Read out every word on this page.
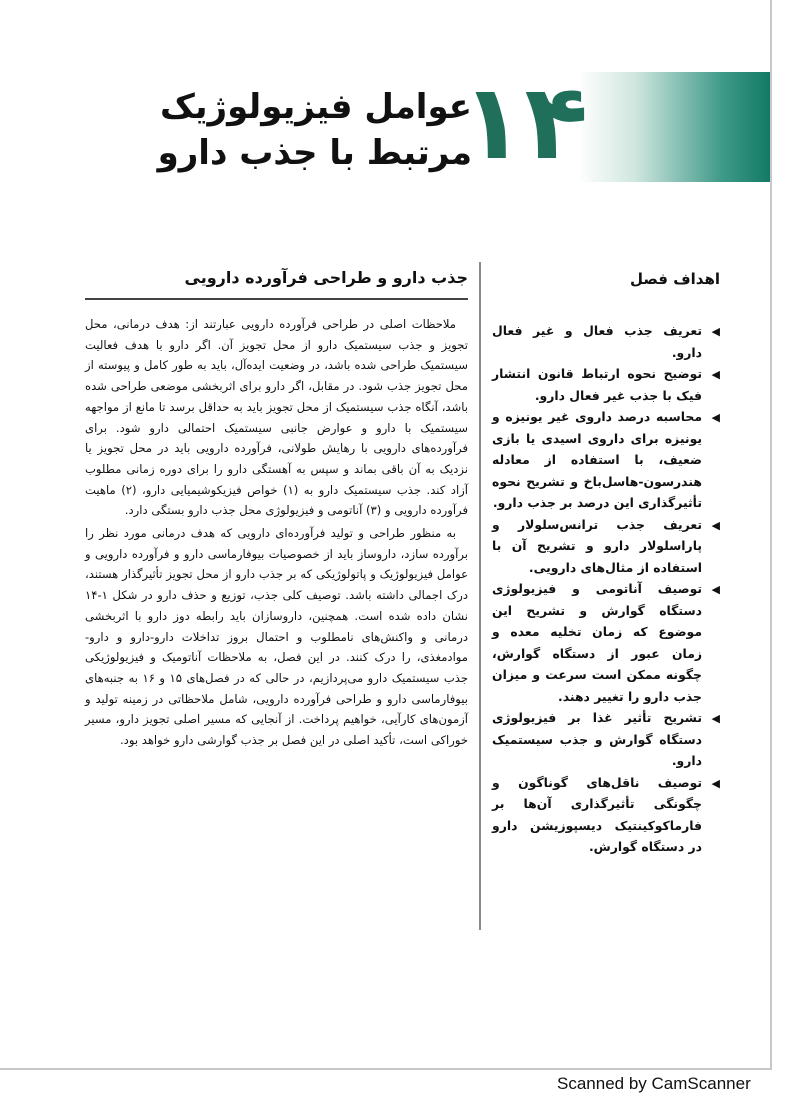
۱۴
عوامل فیزیولوژیک مرتبط با جذب دارو
اهداف فصل
◀
تعریف جذب فعال و غیر فعال دارو.
◀
توضیح نحوه ارتباط قانون انتشار فیک با جذب غیر فعال دارو.
◀
محاسبه درصد داروی غیر یونیزه و یونیزه برای داروی اسیدی یا بازی ضعیف، با استفاده از معادله هندرسون-هاسل‌باخ و تشریح نحوه تأثیرگذاری این درصد بر جذب دارو.
◀
تعریف جذب ترانس‌سلولار و پاراسلولار دارو و تشریح آن با استفاده از مثال‌های دارویی.
◀
توصیف آناتومی و فیزیولوژی دستگاه گوارش و تشریح این موضوع که زمان تخلیه معده و زمان عبور از دستگاه گوارش، چگونه ممکن است سرعت و میزان جذب دارو را تغییر دهند.
◀
تشریح تأثیر غذا بر فیزیولوژی دستگاه گوارش و جذب سیستمیک دارو.
◀
توصیف ناقل‌های گوناگون و چگونگی تأثیرگذاری آن‌ها بر فارماکوکینتیک دیسپوزیشن دارو در دستگاه گوارش.
جذب دارو و طراحی فرآورده دارویی

ملاحظات اصلی در طراحی فرآورده دارویی عبارتند از: هدف درمانی، محل تجویز و جذب سیستمیک دارو از محل تجویز آن. اگر دارو با هدف فعالیت سیستمیک طراحی شده باشد، در وضعیت ایده‌آل، باید به طور کامل و پیوسته از محل تجویز جذب شود. در مقابل، اگر دارو برای اثربخشی موضعی طراحی شده باشد، آنگاه جذب سیستمیک از محل تجویز باید به حداقل برسد تا مانع از مواجهه سیستمیک با دارو و عوارض جانبی سیستمیک احتمالی دارو شود. برای فرآورده‌های دارویی با رهایش طولانی، فرآورده دارویی باید در محل تجویز یا نزدیک به آن باقی بماند و سپس به آهستگی دارو را برای دوره زمانی مطلوب آزاد کند. جذب سیستمیک دارو به (۱) خواص فیزیکوشیمیایی دارو، (۲) ماهیت فرآورده دارویی و (۳) آناتومی و فیزیولوژی محل جذب دارو بستگی دارد.

به منظور طراحی و تولید فرآورده‌ای دارویی که هدف درمانی مورد نظر را برآورده سازد، داروساز باید از خصوصیات بیوفارماسی دارو و فرآورده دارویی و عوامل فیزیولوژیک و پاتولوژیکی که بر جذب دارو از محل تجویز تأثیرگذار هستند، درک اجمالی داشته باشد. توصیف کلی جذب، توزیع و حذف دارو در شکل ۱-۱۴ نشان داده شده است. همچنین، داروسازان باید رابطه دوز دارو با اثربخشی درمانی و واکنش‌های نامطلوب و احتمال بروز تداخلات دارو-دارو و دارو-موادمغذی، را درک کنند. در این فصل، به ملاحظات آناتومیک و فیزیولوژیکی جذب سیستمیک دارو می‌پردازیم، در حالی که در فصل‌های ۱۵ و ۱۶ به جنبه‌های بیوفارماسی دارو و طراحی فرآورده دارویی، شامل ملاحظاتی در زمینه تولید و آزمون‌های کارآیی، خواهیم پرداخت. از آنجایی که مسیر اصلی تجویز دارو، مسیر خوراکی است، تأکید اصلی در این فصل بر جذب گوارشی دارو خواهد بود.

Scanned by CamScanner
